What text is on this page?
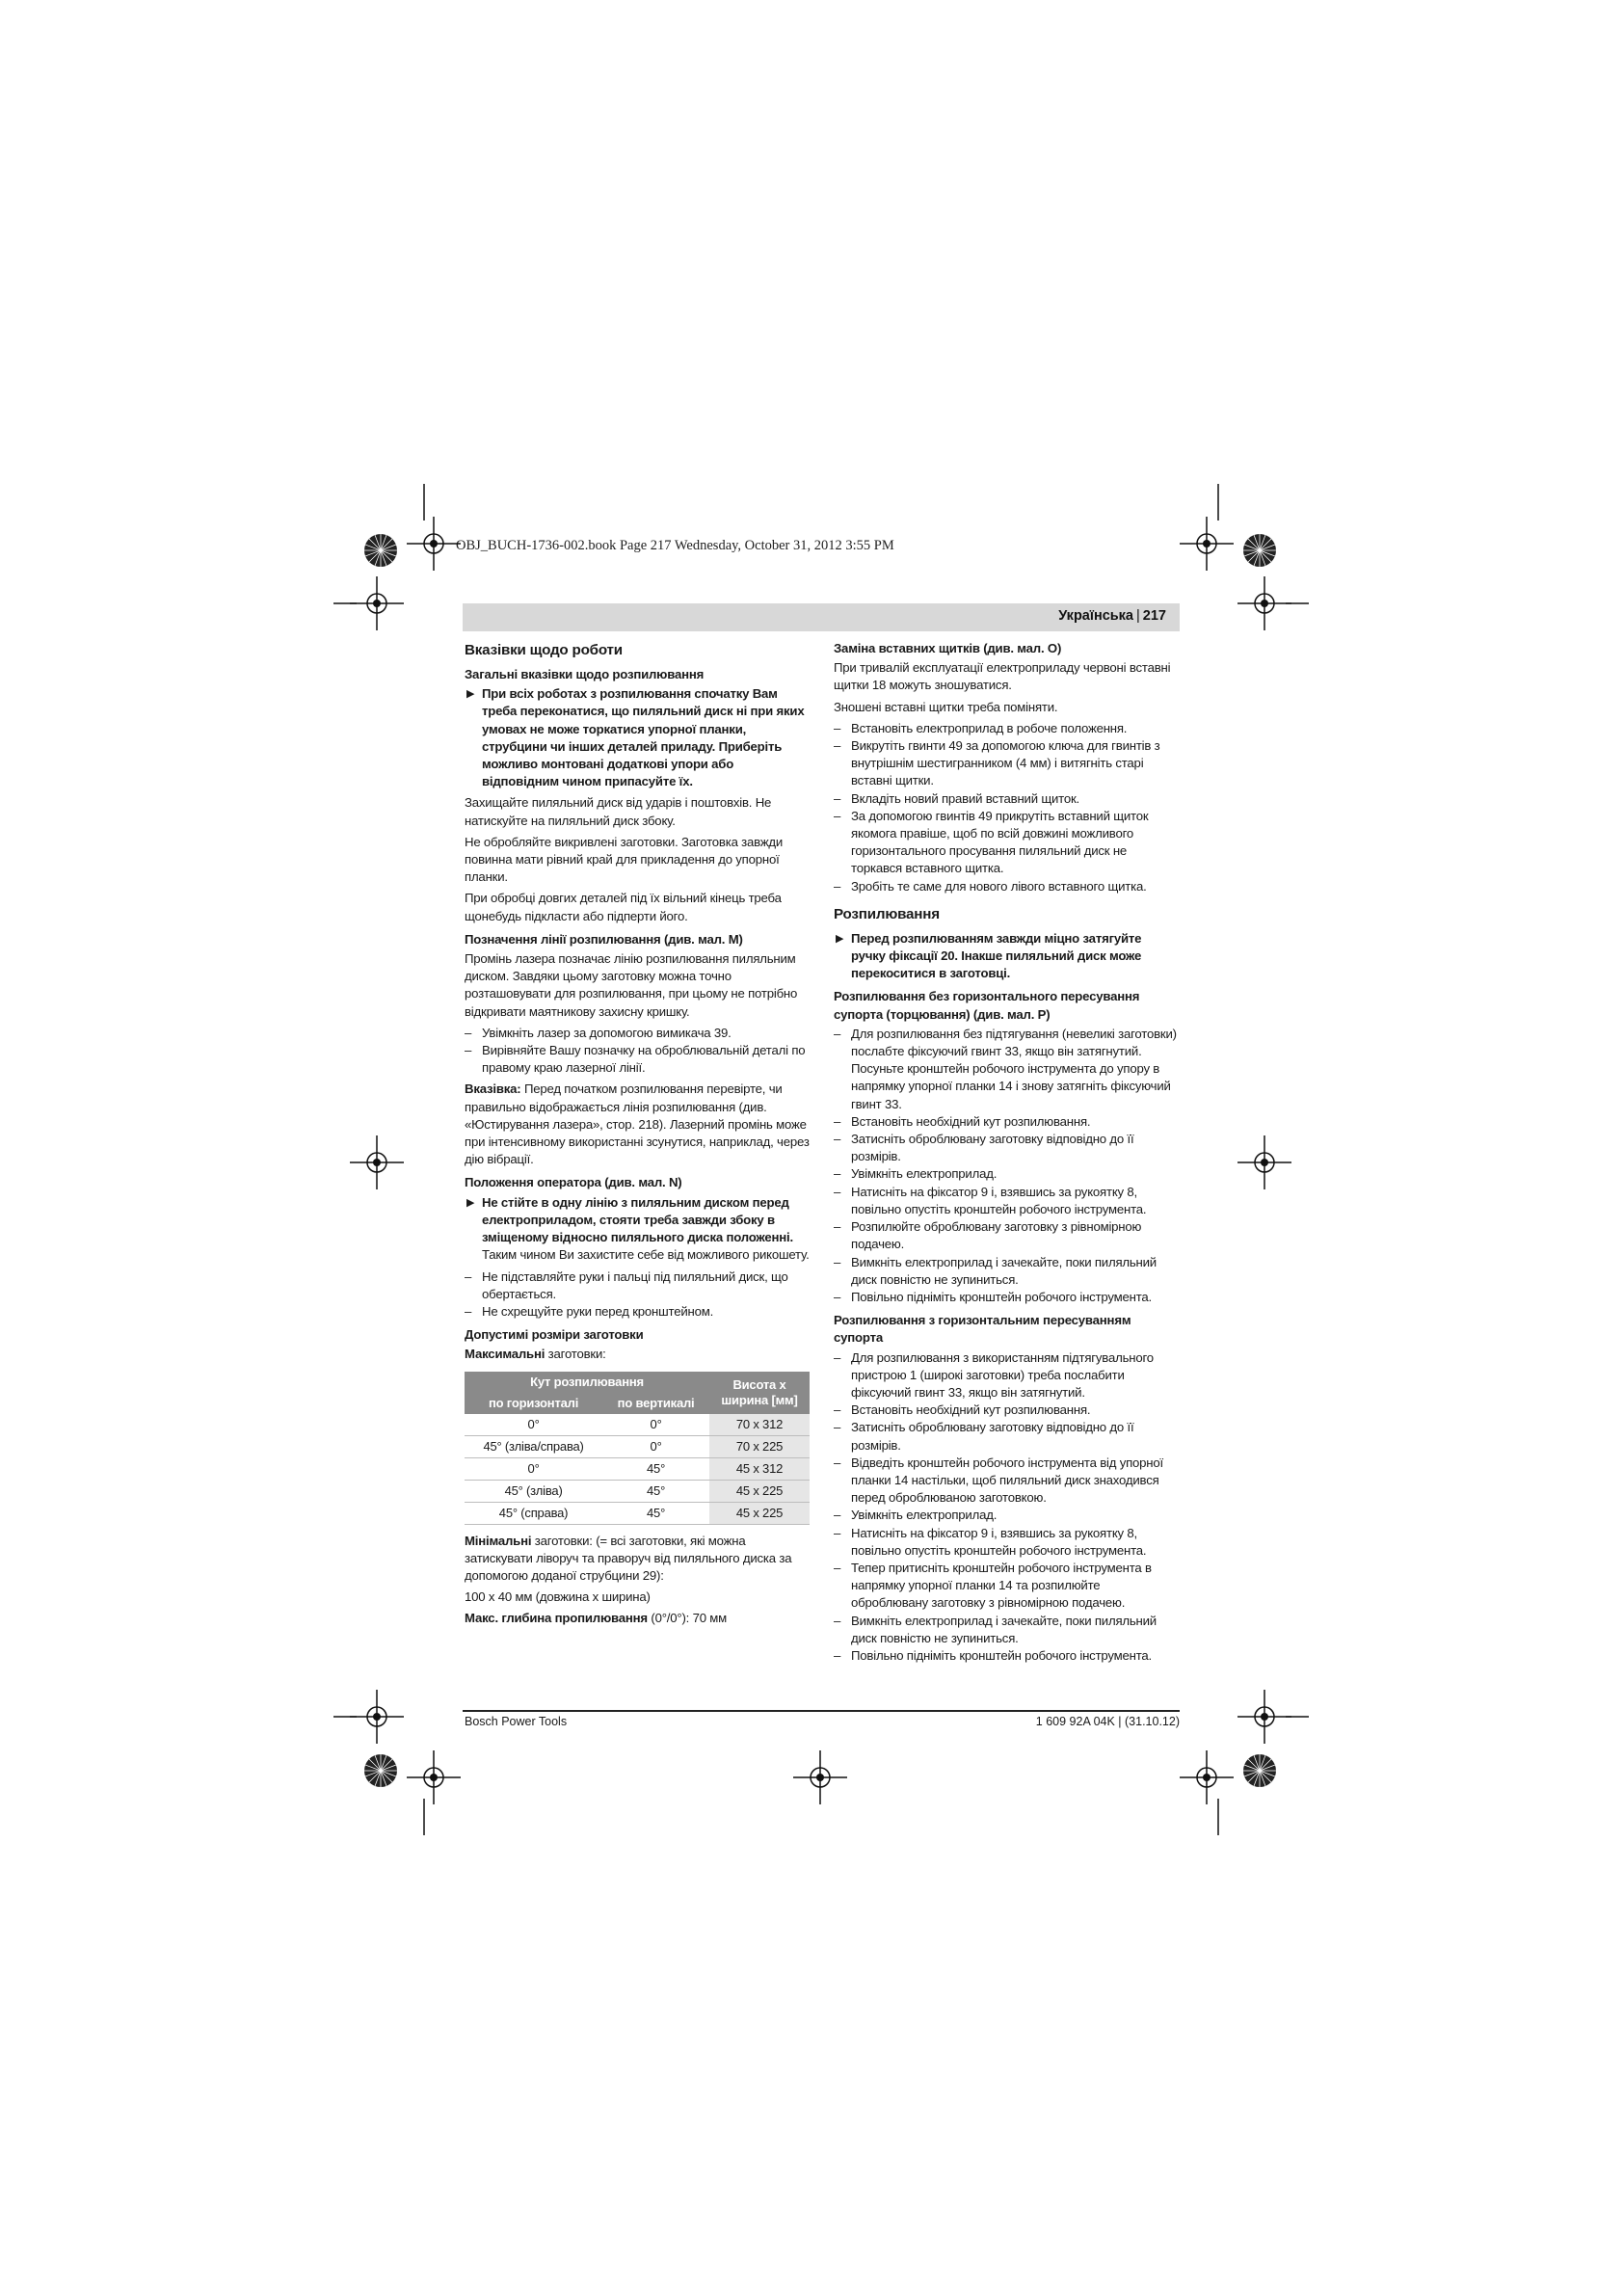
OBJ_BUCH-1736-002.book Page 217 Wednesday, October 31, 2012 3:55 PM
Українська | 217
Вказівки щодо роботи
Загальні вказівки щодо розпилювання
▶ При всіх роботах з розпилювання спочатку Вам треба переконатися, що пиляльний диск ні при яких умовах не може торкатися упорної планки, струбцини чи інших деталей приладу. Приберіть можливо монтовані додаткові упори або відповідним чином припасуйте їх.

Захищайте пиляльний диск від ударів і поштовхів. Не натискуйте на пиляльний диск збоку.

Не обробляйте викривлені заготовки. Заготовка завжди повинна мати рівний край для прикладення до упорної планки.

При обробці довгих деталей під їх вільний кінець треба щонебудь підкласти або підперти його.

Позначення лінії розпилювання (див. мал. M)

Промінь лазера позначає лінію розпилювання пиляльним диском. Завдяки цьому заготовку можна точно розташовувати для розпилювання, при цьому не потрібно відкривати маятникову захисну кришку.

– Увімкніть лазер за допомогою вимикача 39.
– Вирівняйте Вашу позначку на оброблювальній деталі по правому краю лазерної лінії.

Вказівка: Перед початком розпилювання перевірте, чи правильно відображається лінія розпилювання (див. «Юстирування лазера», стор. 218). Лазерний промінь може при інтенсивному використанні зсунутися, наприклад, через дію вібрації.

Положення оператора (див. мал. N)
▶ Не стійте в одну лінію з пиляльним диском перед електроприладом, стояти треба завжди збоку в зміщеному відносно пиляльного диска положенні. Таким чином Ви захистите себе від можливого рикошету.
– Не підставляйте руки і пальці під пиляльний диск, що обертається.
– Не схрещуйте руки перед кронштейном.
Допустимі розміри заготовки

Максимальні заготовки:

Кут розпилювання		Висота х ширина [мм]
по горизонталі	по вертикалі	
0°	0°	70 x 312
45° (зліва/справа)	0°	70 x 225
0°	45°	45 x 312
45° (зліва)	45°	45 x 225
45° (справа)	45°	45 x 225

Мінімальні заготовки: (= всі заготовки, які можна затискувати ліворуч та праворуч від пиляльного диска за допомогою доданої струбцини 29):

100 x 40 мм (довжина x ширина)

Макс. глибина пропилювання (0°/0°): 70 мм

Заміна вставних щитків (див. мал. O)

При тривалій експлуатації електроприладу червоні вставні щитки 18 можуть зношуватися.

Зношені вставні щитки треба поміняти.

– Встановіть електроприлад в робоче положення.
– Викрутіть гвинти 49 за допомогою ключа для гвинтів з внутрішнім шестигранником (4 мм) і витягніть старі вставні щитки.
– Вкладіть новий правий вставний щиток.
– За допомогою гвинтів 49 прикрутіть вставний щиток якомога правіше, щоб по всій довжині можливого горизонтального просування пиляльний диск не торкався вставного щитка.
– Зробіть те саме для нового лівого вставного щитка.
Розпилювання
▶ Перед розпилюванням завжди міцно затягуйте ручку фіксації 20. Інакше пиляльний диск може перекоситися в заготовці.
Розпилювання без горизонтального пересування супорта (торцювання) (див. мал. P)
– Для розпилювання без підтягування (невеликі заготовки) послабте фіксуючий гвинт 33, якщо він затягнутий. Посуньте кронштейн робочого інструмента до упору в напрямку упорної планки 14 і знову затягніть фіксуючий гвинт 33.
– Встановіть необхідний кут розпилювання.
– Затисніть оброблювану заготовку відповідно до її розмірів.
– Увімкніть електроприлад.
– Натисніть на фіксатор 9 і, взявшись за рукоятку 8, повільно опустіть кронштейн робочого інструмента.
– Розпилюйте оброблювану заготовку з рівномірною подачею.
– Вимкніть електроприлад і зачекайте, поки пиляльний диск повністю не зупиниться.
– Повільно підніміть кронштейн робочого інструмента.
Розпилювання з горизонтальним пересуванням супорта
– Для розпилювання з використанням підтягувального пристрою 1 (широкі заготовки) треба послабити фіксуючий гвинт 33, якщо він затягнутий.
– Встановіть необхідний кут розпилювання.
– Затисніть оброблювану заготовку відповідно до її розмірів.
– Відведіть кронштейн робочого інструмента від упорної планки 14 настільки, щоб пиляльний диск знаходився перед оброблюваною заготовкою.
– Увімкніть електроприлад.
– Натисніть на фіксатор 9 і, взявшись за рукоятку 8, повільно опустіть кронштейн робочого інструмента.
– Тепер притисніть кронштейн робочого інструмента в напрямку упорної планки 14 та розпилюйте оброблювану заготовку з рівномірною подачею.
– Вимкніть електроприлад і зачекайте, поки пиляльний диск повністю не зупиниться.
– Повільно підніміть кронштейн робочого інструмента.
Bosch Power Tools	1 609 92A 04K | (31.10.12)
